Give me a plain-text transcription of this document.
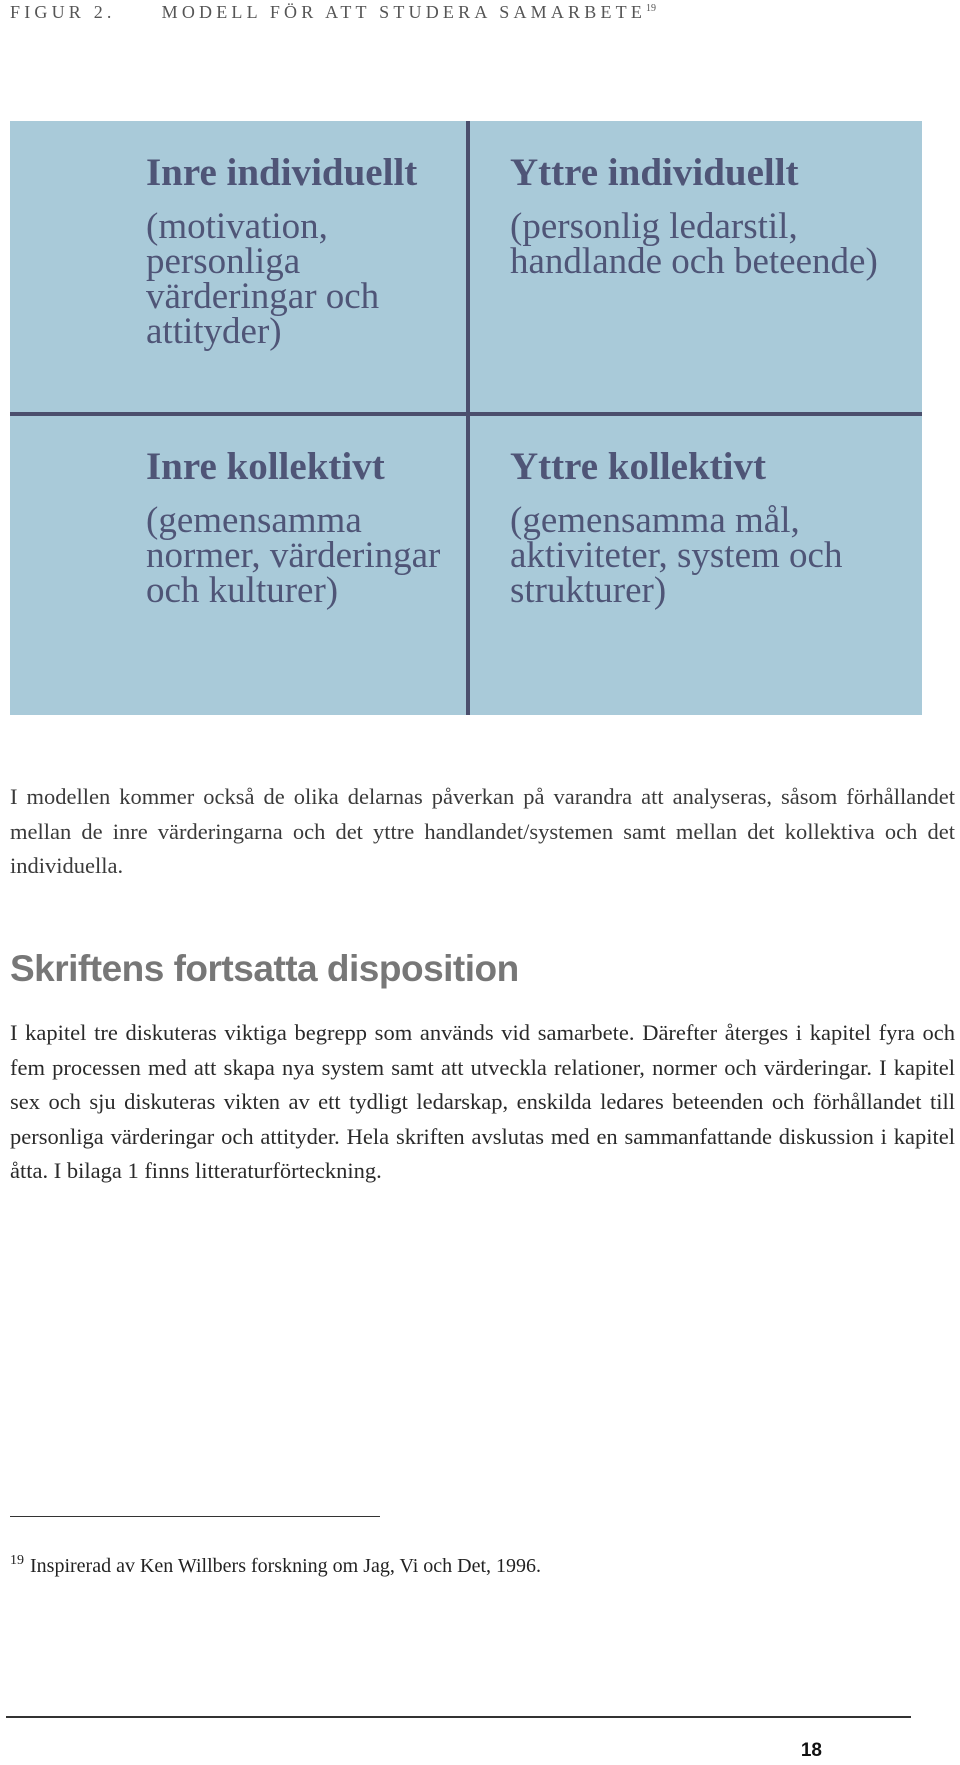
FIGUR 2.	MODELL FÖR ATT STUDERA SAMARBETE$^{19}$
Inre individuellt
(motivation, personliga värderingar och attityder)
Yttre individuellt
(personlig ledarstil, handlande och beteende)
Inre kollektivt
(gemensamma normer, värderingar och kulturer)
Yttre kollektivt
(gemensamma mål, aktiviteter, system och strukturer)

I modellen kommer också de olika delarnas påverkan på varandra att analyseras, såsom förhållandet mellan de inre värderingarna och det yttre handlandet/systemen samt mellan det kollektiva och det individuella.

Skriftens fortsatta disposition

I kapitel tre diskuteras viktiga begrepp som används vid samarbete. Därefter återges i kapitel fyra och fem processen med att skapa nya system samt att utveckla relationer, normer och värderingar. I kapitel sex och sju diskuteras vikten av ett tydligt ledarskap, enskilda ledares beteenden och förhållandet till personliga värderingar och attityder. Hela skriften avslutas med en sammanfattande diskussion i kapitel åtta. I bilaga 1 finns litteraturförteckning.

$^{19}$ Inspirerad av Ken Willbers forskning om Jag, Vi och Det, 1996.
18
